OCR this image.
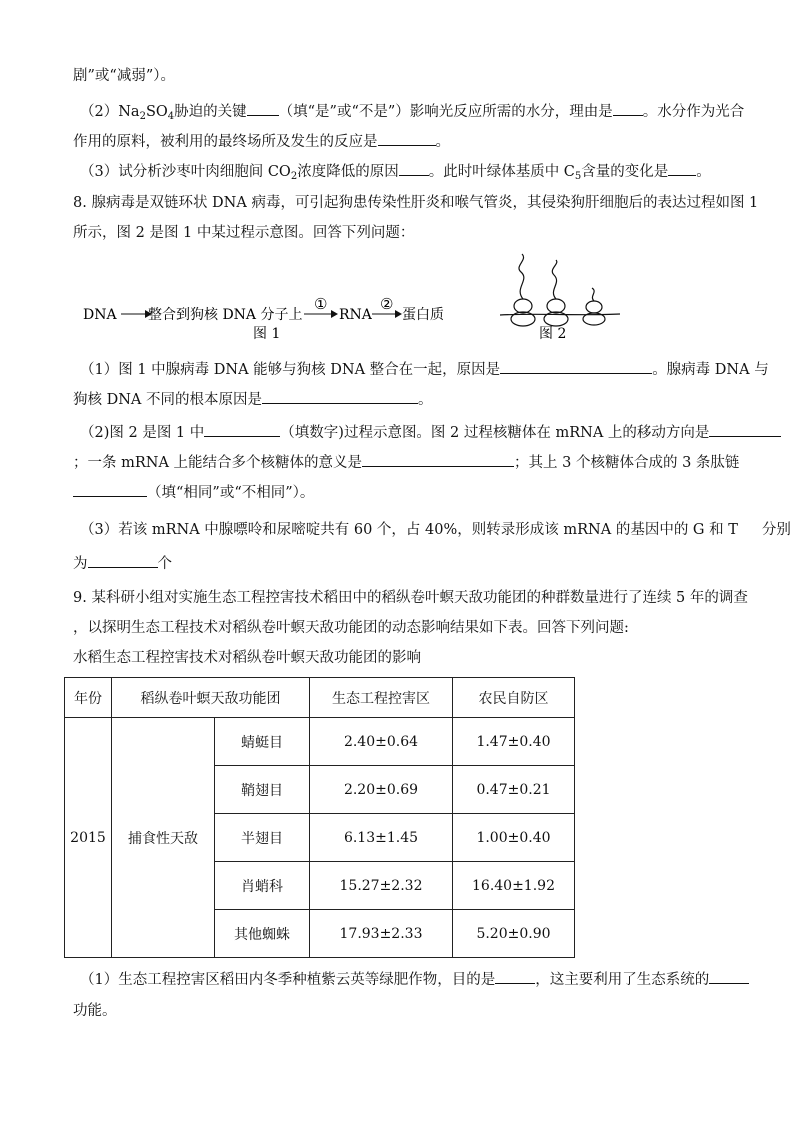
剧”或“减弱”）。
$(2)Na_2SO_4$胁迫的关键 （填“是”或“不是”）影响光反应所需的水分，理由是 。水分作为光合
作用的原料，被利用的最终场所及发生的反应是	。
（3）试分析沙枣叶肉细胞间 $CO_2$浓度降低的原因 。此时叶绿体基质中 $C_5$含量的变化是 。
8. 腺病毒是双链环状 DNA 病毒，可引起狗患传染性肝炎和喉气管炎，其侵染狗肝细胞后的表达过程如图 1
所示，图 2 是图 1 中某过程示意图。回答下列问题：
DNA 整合到狗核 DNA 分子上
①
RNA
②
蛋白质
图 1	图 2
（1）图 1 中腺病毒 DNA 能够与狗核 DNA 整合在一起，原因是	。腺病毒 DNA 与
狗核 DNA 不同的根本原因是	。
（2)图 2 是图 1 中	（填数字)过程示意图。图 2 过程核糖体在 mRNA 上的移动方向是
；一条 mRNA 上能结合多个核糖体的意义是	；其上 3 个核糖体合成的 3 条肽链
（填“相同”或“不相同”）。
（3）若该 mRNA 中腺嘌呤和尿嘧啶共有 60 个，占 40%，则转录形成该 mRNA 的基因中的 G 和 T 分别
为	个
9. 某科研小组对实施生态工程控害技术稻田中的稻纵卷叶螟天敌功能团的种群数量进行了连续 5 年的调查
，以探明生态工程技术对稻纵卷叶螟天敌功能团的动态影响结果如下表。回答下列问题:
水稻生态工程控害技术对稻纵卷叶螟天敌功能团的影响
年份	稻纵卷叶螟天敌功能团		生态工程控害区	农民自防区
2015	捕食性天敌	蜻蜓目	2.40±0.64	1.47±0.40
		鞘翅目	2.20±0.69	0.47±0.21
		半翅目	6.13±1.45	1.00±0.40
		肖蛸科	15.27±2.32	16.40±1.92
		其他蜘蛛	17.93±2.33	5.20±0.90
（1）生态工程控害区稻田内冬季种植紫云英等绿肥作物，目的是	，这主要利用了生态系统的
功能。
